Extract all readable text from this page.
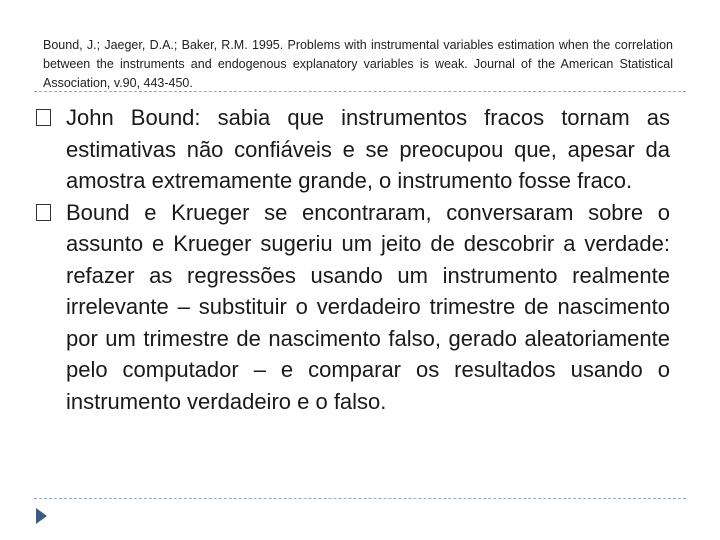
Bound, J.; Jaeger, D.A.; Baker, R.M. 1995. Problems with instrumental variables estimation when the correlation between the instruments and endogenous explanatory variables is weak. Journal of the American Statistical Association, v.90, 443-450.
John Bound: sabia que instrumentos fracos tornam as estimativas não confiáveis e se preocupou que, apesar da amostra extremamente grande, o instrumento fosse fraco.
Bound e Krueger se encontraram, conversaram sobre o assunto e Krueger sugeriu um jeito de descobrir a verdade: refazer as regressões usando um instrumento realmente irrelevante – substituir o verdadeiro trimestre de nascimento por um trimestre de nascimento falso, gerado aleatoriamente pelo computador – e comparar os resultados usando o instrumento verdadeiro e o falso.
